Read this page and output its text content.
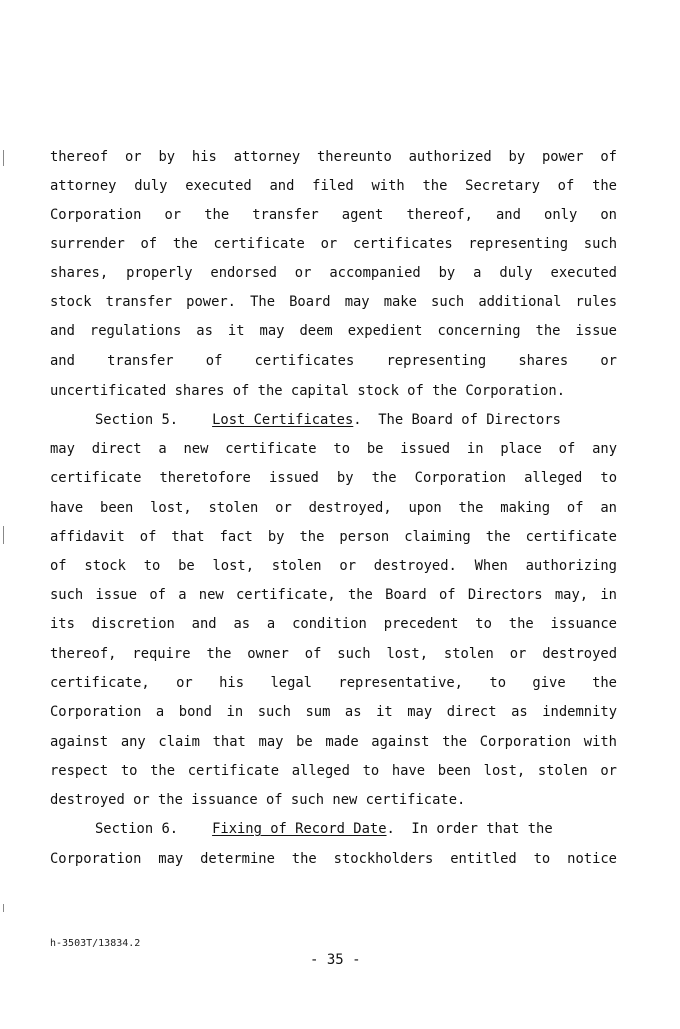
thereof or by his attorney thereunto authorized by power of
attorney duly executed and filed with the Secretary of the
Corporation or the transfer agent thereof, and only on
surrender of the certificate or certificates representing such
shares, properly endorsed or accompanied by a duly executed
stock transfer power. The Board may make such additional rules
and regulations as it may deem expedient concerning the issue
and transfer of certificates representing shares or
uncertificated shares of the capital stock of the Corporation.
Section 5. Lost Certificates.  The Board of Directors
may direct a new certificate to be issued in place of any
certificate theretofore issued by the Corporation alleged to
have been lost, stolen or destroyed, upon the making of an
affidavit of that fact by the person claiming the certificate
of stock to be lost, stolen or destroyed. When authorizing
such issue of a new certificate, the Board of Directors may, in
its discretion and as a condition precedent to the issuance
thereof, require the owner of such lost, stolen or destroyed
certificate, or his legal representative, to give the
Corporation a bond in such sum as it may direct as indemnity
against any claim that may be made against the Corporation with
respect to the certificate alleged to have been lost, stolen or
destroyed or the issuance of such new certificate.
Section 6. Fixing of Record Date.  In order that the
Corporation may determine the stockholders entitled to notice
h-3503T/13834.2
- 35 -
